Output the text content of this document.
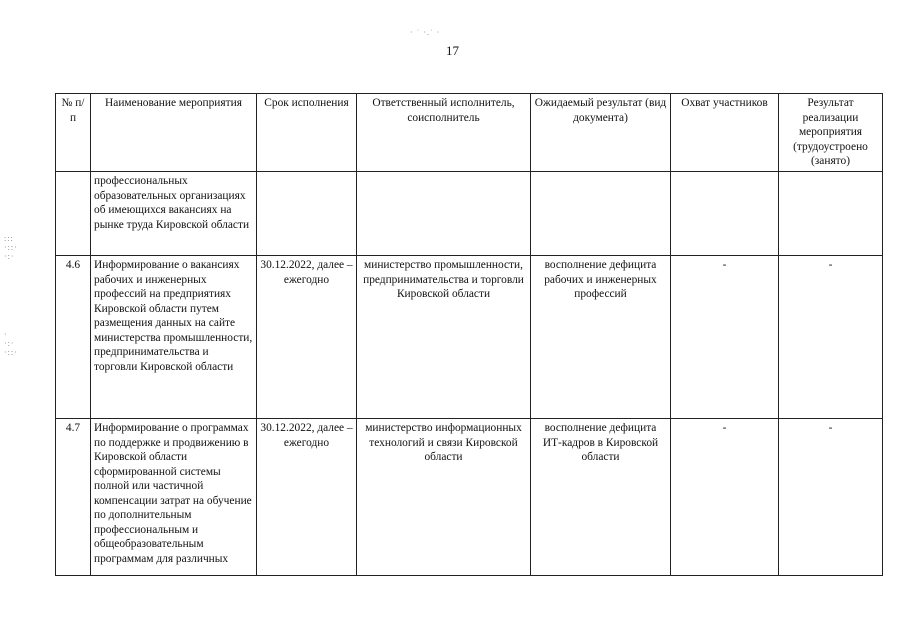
17
· ˙ ·.˙ ·
:::
·::·
·:·
·
·:·
·::·
№ п/п	Наименование мероприятия	Срок исполнения	Ответственный исполнитель, соисполнитель	Ожидаемый результат (вид документа)	Охват участников	Результат реализации мероприятия (трудоустроено (занято)
	профессиональных образовательных организациях об имеющихся вакансиях на рынке труда Кировской области					
4.6	Информирование о вакансиях рабочих и инженерных профессий на предприятиях Кировской области путем размещения данных на сайте министерства промышленности, предпринимательства и торговли Кировской области	30.12.2022, далее – ежегодно	министерство промышленности, предпринимательства и торговли Кировской области	восполнение дефицита рабочих и инженерных профессий	-	-
4.7	Информирование о программах по поддержке и продвижению в Кировской области сформированной системы полной или частичной компенсации затрат на обучение по дополнительным профессиональным и общеобразовательным программам для различных	30.12.2022, далее – ежегодно	министерство информационных технологий и связи Кировской области	восполнение дефицита ИТ-кадров в Кировской области	-	-
